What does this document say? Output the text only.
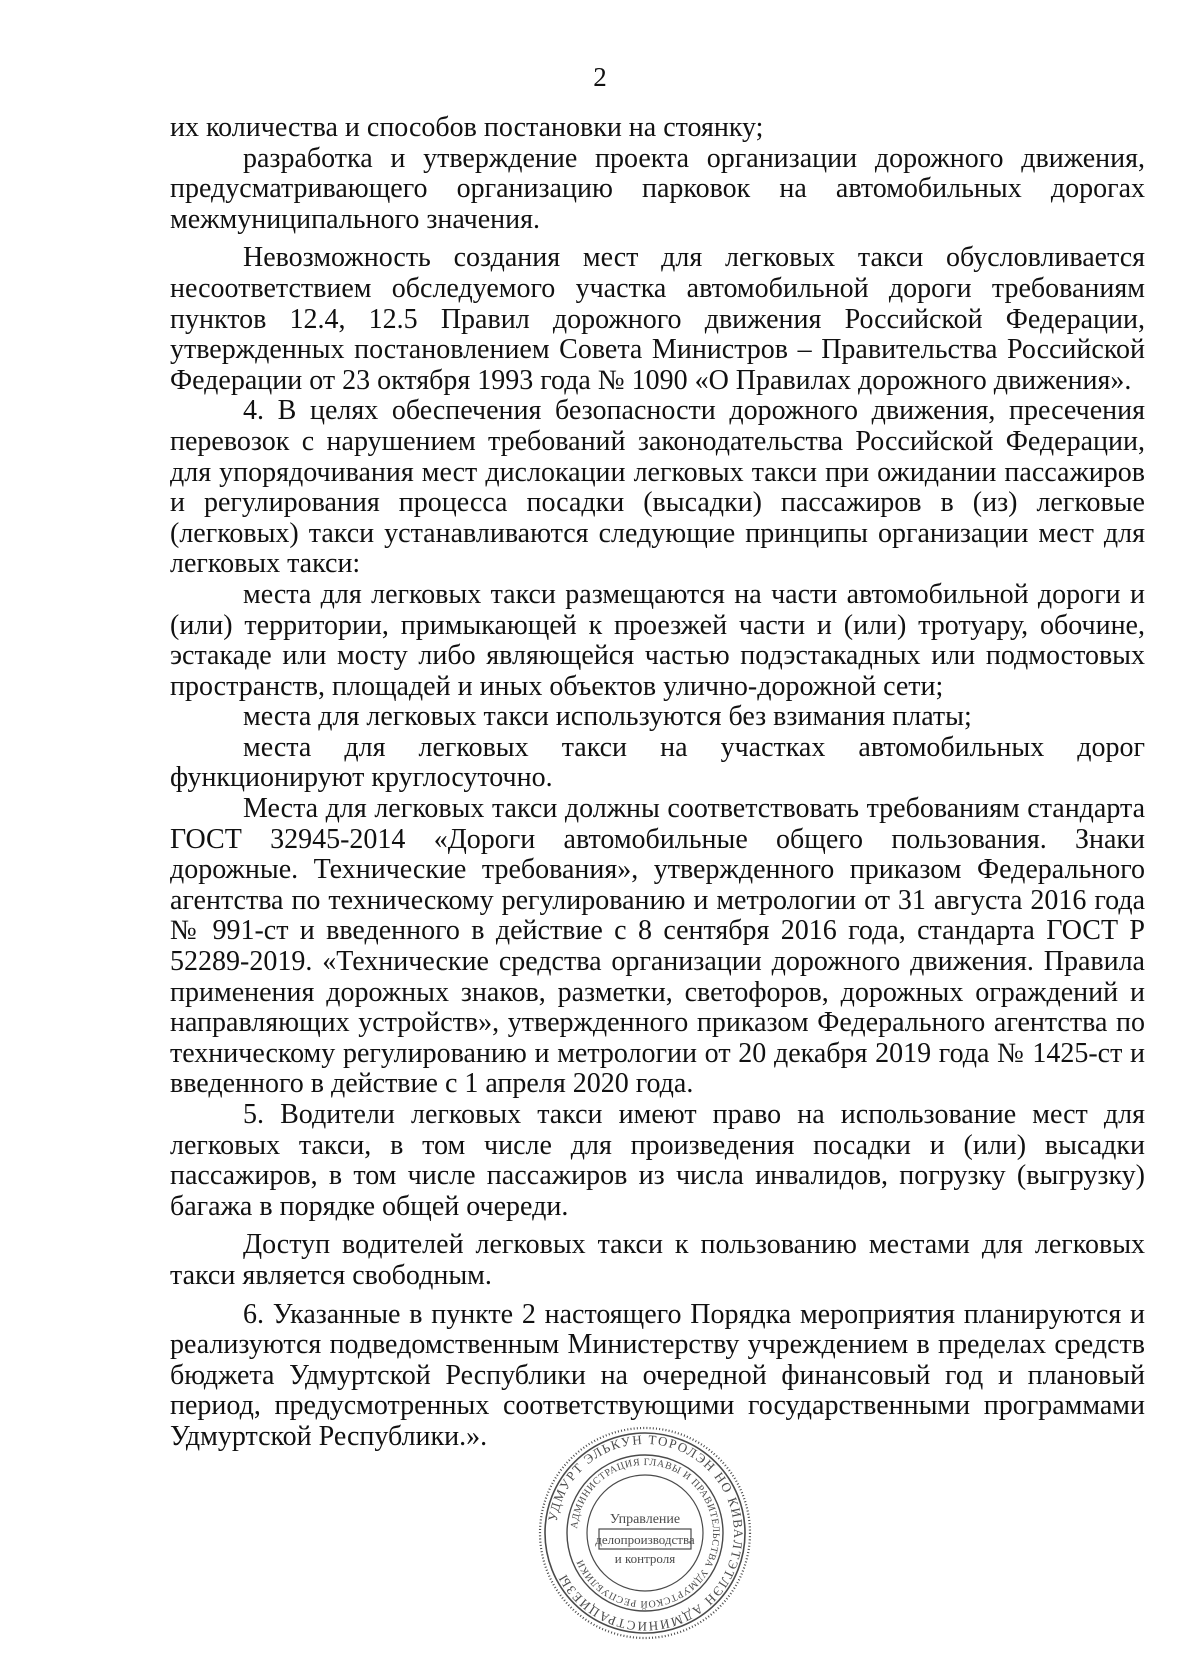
2

их количества и способов постановки на стоянку;

разработка и утверждение проекта организации дорожного движения, предусматривающего организацию парковок на автомобильных дорогах межмуниципального значения.

Невозможность создания мест для легковых такси обусловливается несоответствием обследуемого участка автомобильной дороги требованиям пунктов 12.4, 12.5 Правил дорожного движения Российской Федерации, утвержденных постановлением Совета Министров – Правительства Российской Федерации от 23 октября 1993 года № 1090 «О Правилах дорожного движения».

4. В целях обеспечения безопасности дорожного движения, пресечения перевозок с нарушением требований законодательства Российской Федерации, для упорядочивания мест дислокации легковых такси при ожидании пассажиров и регулирования процесса посадки (высадки) пассажиров в (из) легковые (легковых) такси устанавливаются следующие принципы организации мест для легковых такси:

места для легковых такси размещаются на части автомобильной дороги и (или) территории, примыкающей к проезжей части и (или) тротуару, обочине, эстакаде или мосту либо являющейся частью подэстакадных или подмостовых пространств, площадей и иных объектов улично-дорожной сети;

места для легковых такси используются без взимания платы;

места для легковых такси на участках автомобильных дорог функционируют круглосуточно.

Места для легковых такси должны соответствовать требованиям стандарта ГОСТ 32945-2014 «Дороги автомобильные общего пользования. Знаки дорожные. Технические требования», утвержденного приказом Федерального агентства по техническому регулированию и метрологии от 31 августа 2016 года № 991-ст и введенного в действие с 8 сентября 2016 года, стандарта ГОСТ Р 52289-2019. «Технические средства организации дорожного движения. Правила применения дорожных знаков, разметки, светофоров, дорожных ограждений и направляющих устройств», утвержденного приказом Федерального агентства по техническому регулированию и метрологии от 20 декабря 2019 года № 1425-ст и введенного в действие с 1 апреля 2020 года.

5. Водители легковых такси имеют право на использование мест для легковых такси, в том числе для произведения посадки и (или) высадки пассажиров, в том числе пассажиров из числа инвалидов, погрузку (выгрузку) багажа в порядке общей очереди.

Доступ водителей легковых такси к пользованию местами для легковых такси является свободным.

6. Указанные в пункте 2 настоящего Порядка мероприятия планируются и реализуются подведомственным Министерству учреждением в пределах средств бюджета Удмуртской Республики на очередной финансовый год и плановый период, предусмотренных соответствующими государственными программами Удмуртской Республики.».

УДМУРТ ЭЛЬКУН ТОРОЛЭН НО КИВАЛТЭТЛЭН АДМИНИСТРАЦИЕЗЫ
АДМИНИСТРАЦИЯ ГЛАВЫ И ПРАВИТЕЛЬСТВА УДМУРТСКОЙ РЕСПУБЛИКИ
Управление
делопроизводства
и контроля
